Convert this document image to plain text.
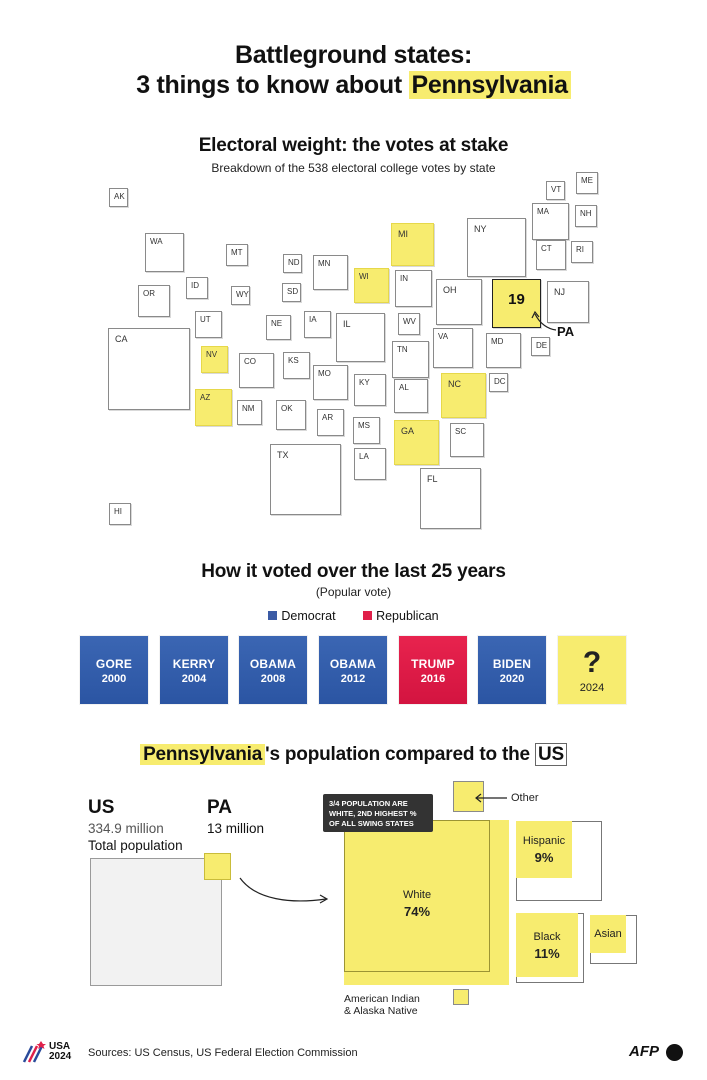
Battleground states:
3 things to know about Pennsylvania
Electoral weight: the votes at stake
Breakdown of the 538 electoral college votes by state
AK
VT
ME
MA	NH
NY
WA
MI
MT	CT	RI
ND MN
WI
ID
OR	WY	SD
IN
OH
19	NJ
UT	NE	IA	IL	WV
CA	VA
MD	DE
NV
CO	KS
TN
MO
KY	NC	DC
AL
AZ
NM	OK
AR
MS
GA	SC
TX	LA
FL
HI
PA
How it voted over the last 25 years
(Popular vote)
Democrat	Republican
GORE
2000
KERRY
2004
OBAMA
2008
OBAMA
2012
TRUMP
2016
BIDEN
2020	?
2024
Pennsylvania 's population compared to the US
US
334.9 million
Total population
PA
13 million
White
74%
3/4 POPULATION ARE
WHITE, 2ND HIGHEST %
OF ALL SWING STATES
Other
Hispanic
9%
Black
11%
Asian
American Indian
& Alaska Native
USA
2024 Sources: US Census, US Federal Election Commission	AFP
